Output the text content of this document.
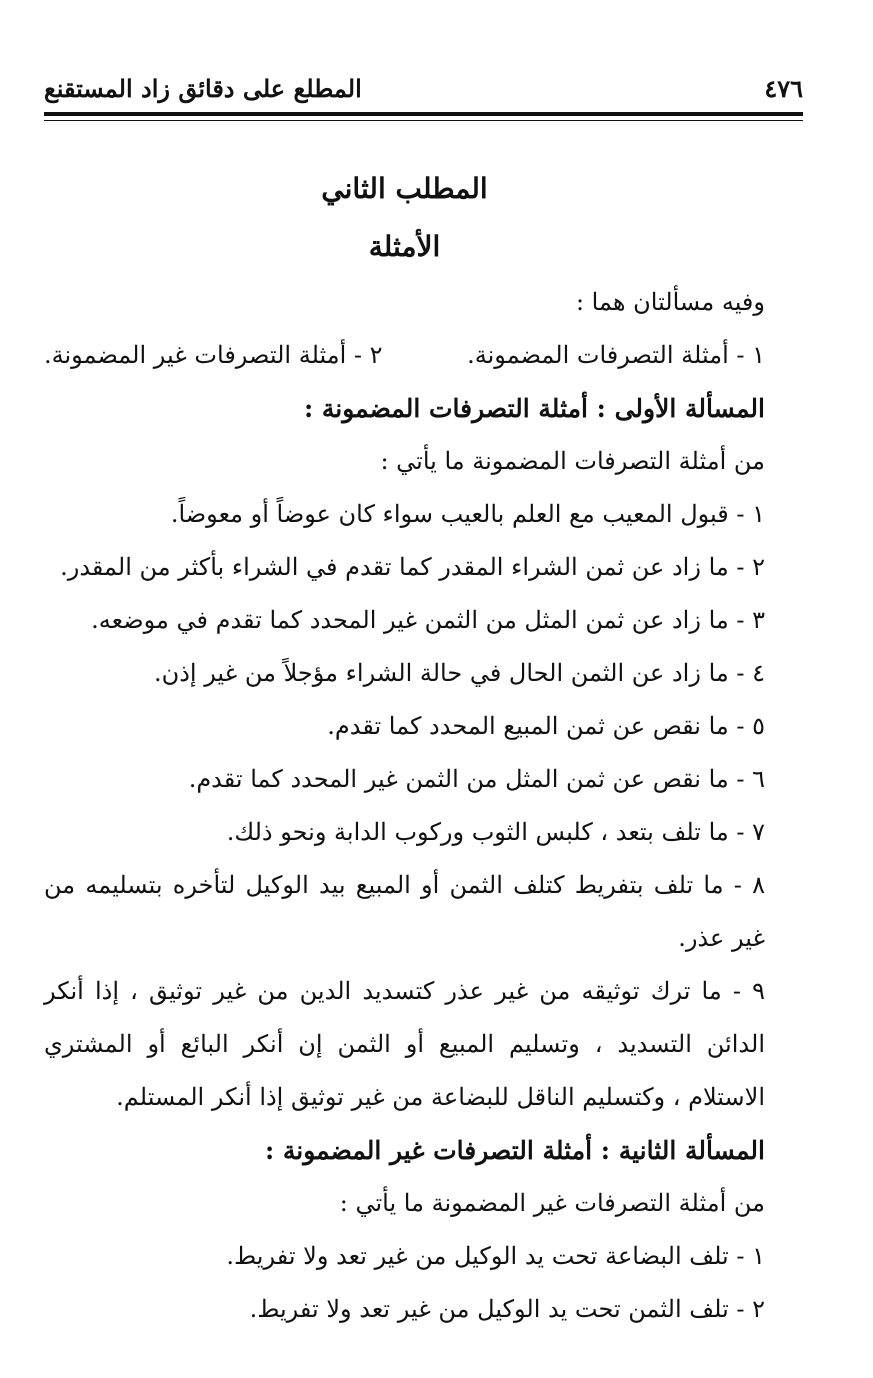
٤٧٦
المطلع على دقائق زاد المستقنع
المطلب الثاني
الأمثلة
وفيه مسألتان هما :
١ - أمثلة التصرفات المضمونة.
٢ - أمثلة التصرفات غير المضمونة.
المسألة الأولى : أمثلة التصرفات المضمونة :
من أمثلة التصرفات المضمونة ما يأتي :
١ - قبول المعيب مع العلم بالعيب سواء كان عوضاً أو معوضاً.
٢ - ما زاد عن ثمن الشراء المقدر كما تقدم في الشراء بأكثر من المقدر.
٣ - ما زاد عن ثمن المثل من الثمن غير المحدد كما تقدم في موضعه.
٤ - ما زاد عن الثمن الحال في حالة الشراء مؤجلاً من غير إذن.
٥ - ما نقص عن ثمن المبيع المحدد كما تقدم.
٦ - ما نقص عن ثمن المثل من الثمن غير المحدد كما تقدم.
٧ - ما تلف بتعد ، كلبس الثوب وركوب الدابة ونحو ذلك.
٨ - ما تلف بتفريط كتلف الثمن أو المبيع بيد الوكيل لتأخره بتسليمه من غير عذر.
٩ - ما ترك توثيقه من غير عذر كتسديد الدين من غير توثيق ، إذا أنكر الدائن التسديد ، وتسليم المبيع أو الثمن إن أنكر البائع أو المشتري الاستلام ، وكتسليم الناقل للبضاعة من غير توثيق إذا أنكر المستلم.
المسألة الثانية : أمثلة التصرفات غير المضمونة :
من أمثلة التصرفات غير المضمونة ما يأتي :
١ - تلف البضاعة تحت يد الوكيل من غير تعد ولا تفريط.
٢ - تلف الثمن تحت يد الوكيل من غير تعد ولا تفريط.
